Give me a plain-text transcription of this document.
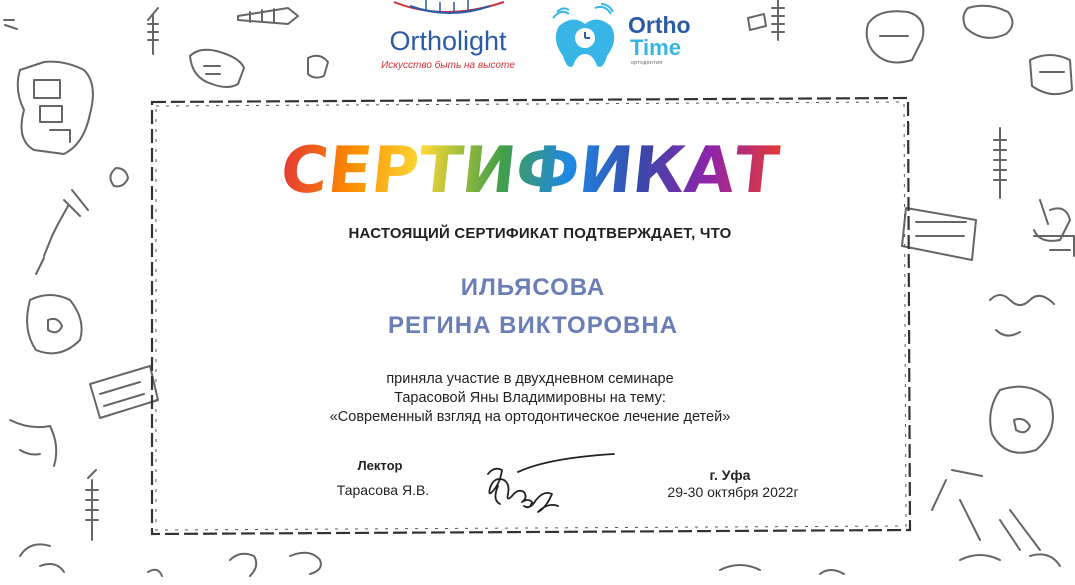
Ortholight
Искусство быть на высоте
Ortho
Time
ортодонтия
СЕРТИФИКАТ
НАСТОЯЩИЙ СЕРТИФИКАТ ПОДТВЕРЖДАЕТ, ЧТО
ИЛЬЯСОВА
РЕГИНА ВИКТОРОВНА
приняла участие в двухдневном семинаре
Тарасовой Яны Владимировны на тему:
«Современный взгляд на ортодонтическое лечение детей»
Лектор
Тарасова Я.В.
г. Уфа
29-30 октября 2022г
